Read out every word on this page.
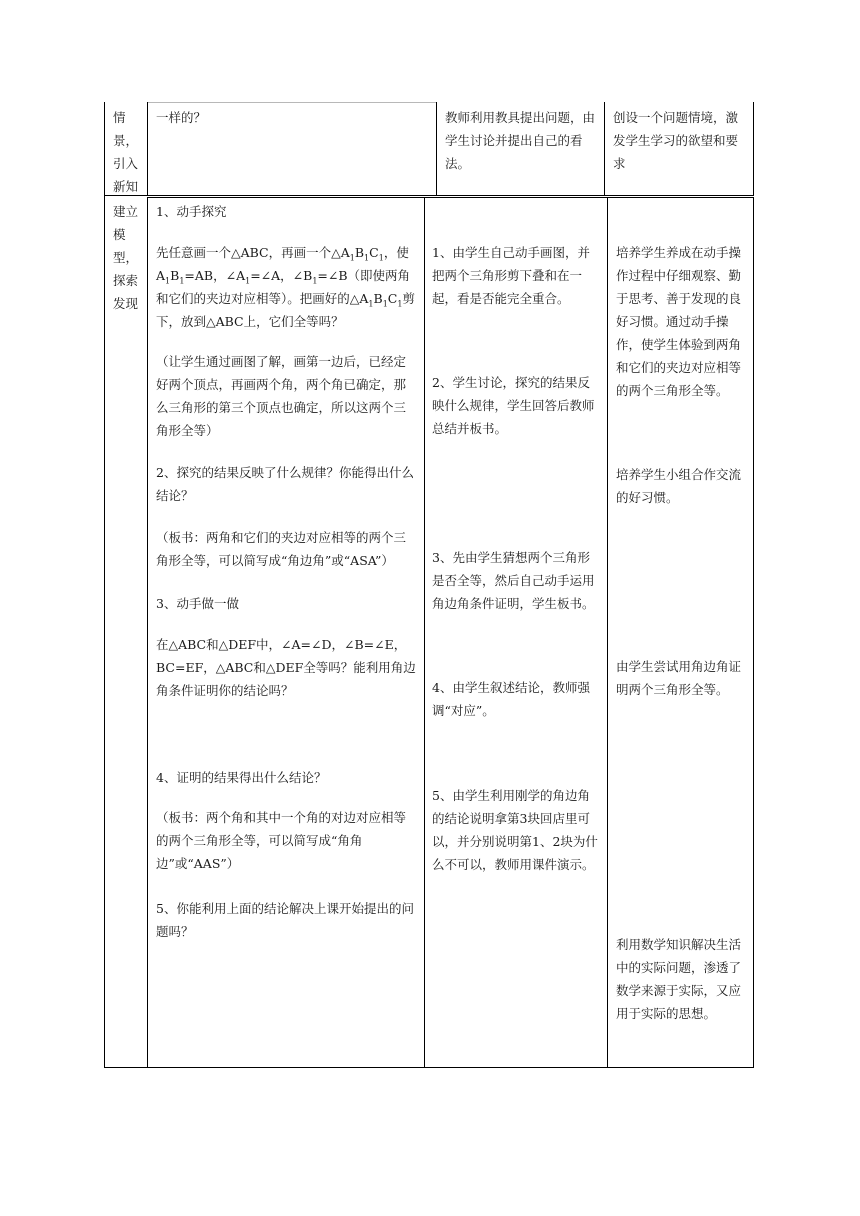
情
景，
引入
新知

一样的？	教师利用教具提出问题，由学生讨论并提出自己的看法。

创设一个问题情境，激发学生学习的欲望和要求

建立
模
型，
探索
发现

1、动手探究

先任意画一个△ABC，再画一个$\triangle A_1B_1C_1$，使$A_1B_1=AB$，$\angle A_1=\angle A$，$\angle B_1=\angle B$（即使两角和它们的夹边对应相等）。把画好的$\triangle A_1B_1C_1$剪下，放到△ABC上，它们全等吗？

（让学生通过画图了解，画第一边后，已经定好两个顶点，再画两个角，两个角已确定，那么三角形的第三个顶点也确定，所以这两个三角形全等）

2、探究的结果反映了什么规律？你能得出什么结论？

（板书：两角和它们的夹边对应相等的两个三角形全等，可以简写成“角边角”或“ASA”）

3、动手做一做

在△ABC和△DEF中，∠A=∠D，∠B=∠E，BC=EF，△ABC和△DEF全等吗？能利用角边角条件证明你的结论吗？

4、证明的结果得出什么结论？

（板书：两个角和其中一个角的对边对应相等的两个三角形全等，可以简写成“角角边”或“AAS”）

5、你能利用上面的结论解决上课开始提出的问题吗？

1、由学生自己动手画图，并把两个三角形剪下叠和在一起，看是否能完全重合。

2、学生讨论，探究的结果反映什么规律，学生回答后教师总结并板书。

3、先由学生猜想两个三角形是否全等，然后自己动手运用角边角条件证明，学生板书。

4、由学生叙述结论，教师强调“对应”。

5、由学生利用刚学的角边角的结论说明拿第3块回店里可以，并分别说明第1、2块为什么不可以，教师用课件演示。

培养学生养成在动手操作过程中仔细观察、勤于思考、善于发现的良好习惯。通过动手操作，使学生体验到两角和它们的夹边对应相等的两个三角形全等。

培养学生小组合作交流的好习惯。

由学生尝试用角边角证明两个三角形全等。

利用数学知识解决生活中的实际问题，渗透了数学来源于实际，又应用于实际的思想。
